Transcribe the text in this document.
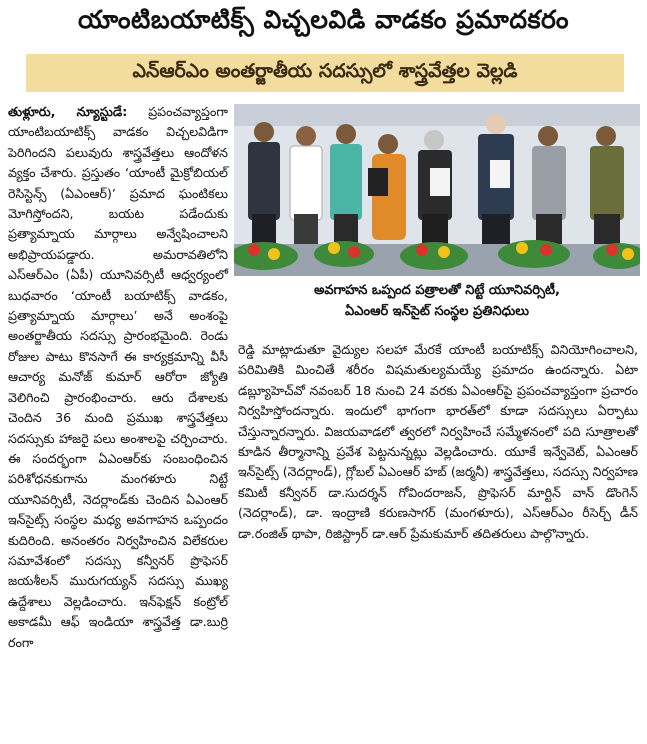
యాంటిబయాటిక్స్ విచ్చలవిడి వాడకం ప్రమాదకరం
ఎన్ఆర్ఎం అంతర్జాతీయ సదస్సులో శాస్త్రవేత్తల వెల్లడి

తుళ్లూరు, న్యూస్టుడే: ప్రపంచవ్యాప్తంగా యాంటిబయాటిక్స్ వాడకం విచ్చలవిడిగా పెరిగిందని పలువురు శాస్త్రవేత్తలు ఆందోళన వ్యక్తం చేశారు. ప్రస్తుతం ‘యాంటీ మైక్రోబియల్ రెసిస్టెన్స్ (ఏఎంఆర్)’ ప్రమాద ఘంటికలు మోగిస్తోందని, బయట పడేందుకు ప్రత్యామ్నాయ మార్గాలు అన్వేషించాలని అభిప్రాయపడ్డారు. అమరావతిలోని ఎస్ఆర్ఎం (ఏపీ) యూనివర్సిటీ ఆధ్వర్యంలో బుధవారం ‘యాంటీ బయాటిక్స్ వాడకం, ప్రత్యామ్నాయ మార్గాలు’ అనే అంశంపై అంతర్జాతీయ సదస్సు ప్రారంభమైంది. రెండు రోజుల పాటు కొనసాగే ఈ కార్యక్రమాన్ని వీసీ ఆచార్య మనోజ్ కుమార్ ఆరోరా జ్యోతి వెలిగించి ప్రారంభించారు. ఆరు దేశాలకు చెందిన 36 మంది ప్రముఖ శాస్త్రవేత్తలు సదస్సుకు హాజరై పలు అంశాలపై చర్చించారు. ఈ సందర్భంగా ఏఎంఆర్‌కు సంబంధించిన పరిశోధనకుగాను మంగళూరు నిట్టే యూనివర్సిటీ, నెదర్లాండ్‌కు చెందిన ఏఎంఆర్ ఇన్‌సైట్స్ సంస్థల మధ్య అవగాహన ఒప్పందం కుదిరింది. అనంతరం నిర్వహించిన విలేకరుల సమావేశంలో సదస్సు కన్వీనర్ ప్రొఫెసర్ జయశీలన్ మురుగయ్యన్ సదస్సు ముఖ్య ఉద్దేశాలు వెల్లడించారు. ఇన్‌ఫెక్షన్ కంట్రోల్ అకాడమీ ఆఫ్ ఇండియా శాస్త్రవేత్త డా.బుర్రి రంగా

అవగాహన ఒప్పంద పత్రాలతో నిట్టే యూనివర్సిటీ,
ఏఎంఆర్ ఇన్‌సైట్ సంస్థల ప్రతినిధులు

రెడ్డి మాట్లాడుతూ వైద్యుల సలహా మేరకే యాంటీ బయాటిక్స్ వినియోగించాలని, పరిమితికి మించితే శరీరం విషమతుల్యమయ్యే ప్రమాదం ఉందన్నారు. ఏటా డబ్ల్యూహెచ్‌వో నవంబర్ 18 నుంచి 24 వరకు ఏఎంఆర్‌పై ప్రపంచవ్యాప్తంగా ప్రచారం నిర్వహిస్తోందన్నారు. ఇందులో భాగంగా భారత్‌లో కూడా సదస్సులు ఏర్పాటు చేస్తున్నారన్నారు. విజయవాడలో త్వరలో నిర్వహించే సమ్మేళనంలో పది సూత్రాలతో కూడిన తీర్మానాన్ని ప్రవేశ పెట్టనున్నట్లు వెల్లడించారు. యూకే ఇన్వేవెట్, ఏఎంఆర్ ఇన్‌సైట్స్ (నెదర్లాండ్), గ్లోబల్ ఏఎంఆర్ హబ్ (జర్మనీ) శాస్త్రవేత్తలు, సదస్సు నిర్వహణ కమిటీ కన్వీనర్ డా.సుదర్శన్ గోవిందరాజన్, ప్రొఫెసర్ మార్టిన్ వాన్ డొంగెన్ (నెదర్లాండ్), డా. ఇంద్రాణి కరుణసాగర్ (మంగళూరు), ఎస్ఆర్ఎం రీసెర్చ్ డీన్ డా.రంజిత్ థాపా, రిజిస్ట్రార్ డా.ఆర్ ప్రేమకుమార్ తదితరులు పాల్గొన్నారు.
